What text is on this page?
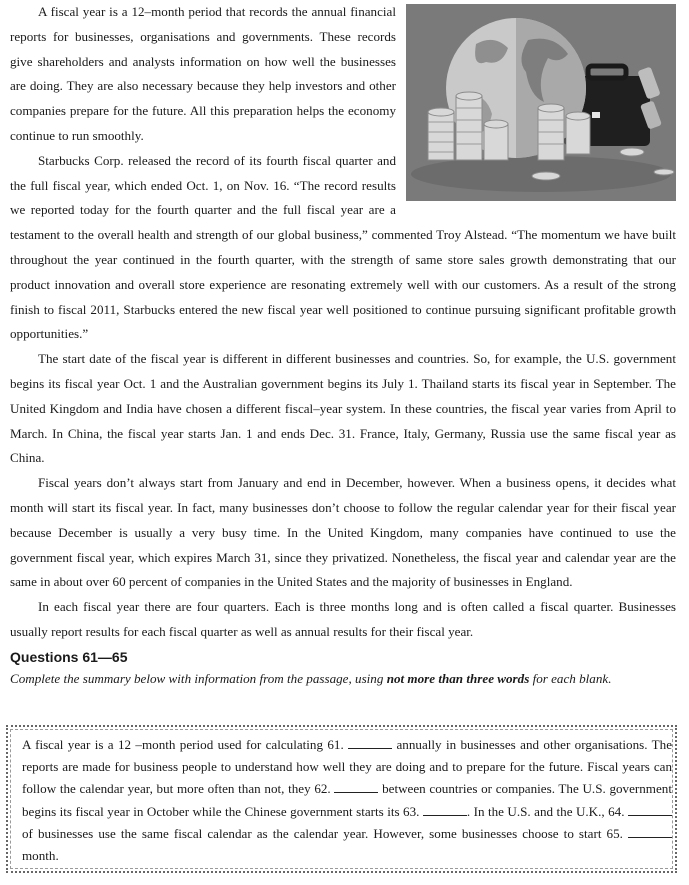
A fiscal year is a 12–month period that records the annual financial reports for businesses, organisations and governments. These records give shareholders and analysts information on how well the businesses are doing. They are also necessary because they help investors and other companies prepare for the future. All this preparation helps the economy continue to run smoothly.

Starbucks Corp. released the record of its fourth fiscal quarter and the full fiscal year, which ended Oct. 1, on Nov. 16. “The record results we reported today for the fourth quarter and the full fiscal year are a testament to the overall health and strength of our global business,” commented Troy Alstead. “The momentum we have built throughout the year continued in the fourth quarter, with the strength of same store sales growth demonstrating that our product innovation and overall store experience are resonating extremely well with our customers. As a result of the strong finish to fiscal 2011, Starbucks entered the new fiscal year well positioned to continue pursuing significant profitable growth opportunities.”

The start date of the fiscal year is different in different businesses and countries. So, for example, the U.S. government begins its fiscal year Oct. 1 and the Australian government begins its July 1. Thailand starts its fiscal year in September. The United Kingdom and India have chosen a different fiscal–year system. In these countries, the fiscal year varies from April to March. In China, the fiscal year starts Jan. 1 and ends Dec. 31. France, Italy, Germany, Russia use the same fiscal year as China.

Fiscal years don’t always start from January and end in December, however. When a business opens, it decides what month will start its fiscal year. In fact, many businesses don’t choose to follow the regular calendar year for their fiscal year because December is usually a very busy time. In the United Kingdom, many companies have continued to use the government fiscal year, which expires March 31, since they privatized. Nonetheless, the fiscal year and calendar year are the same in about over 60 percent of companies in the United States and the majority of businesses in England.

In each fiscal year there are four quarters. Each is three months long and is often called a fiscal quarter. Businesses usually report results for each fiscal quarter as well as annual results for their fiscal year.

Questions 61—65
Complete the summary below with information from the passage, using not more than three words for each blank.
A fiscal year is a 12 –month period used for calculating 61.	annually in businesses and other organisations. The reports are made for business people to understand how well they are doing and to prepare for the future. Fiscal years can follow the calendar year, but more often than not, they 62.	between countries or companies. The U.S. government begins its fiscal year in October while the Chinese government starts its 63.	. In the U.S. and the U.K., 64.  of businesses use the same fiscal calendar as the calendar year. However, some businesses choose to start 65.  month.
